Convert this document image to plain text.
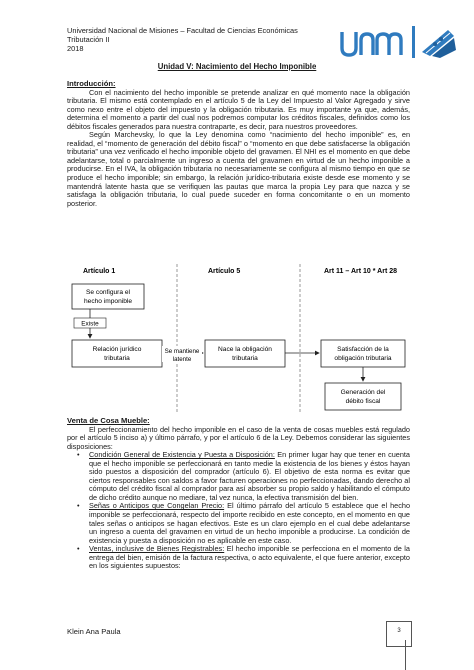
Universidad Nacional de Misiones – Facultad de Ciencias Económicas
Tributación II
2018
Unidad V: Nacimiento del Hecho Imponible

Introducción:

Con el nacimiento del hecho imponible se pretende analizar en qué momento nace la obligación tributaria. El mismo está contemplado en el artículo 5 de la Ley del Impuesto al Valor Agregado y sirve como nexo entre el objeto del impuesto y la obligación tributaria. Es muy importante ya que, además, determina el momento a partir del cual nos podremos computar los créditos fiscales, definidos como los débitos fiscales generados para nuestra contraparte, es decir, para nuestros proveedores.

Según Marchevsky, lo que la Ley denomina como “nacimiento del hecho imponible” es, en realidad, el “momento de generación del débito fiscal” o “momento en que debe satisfacerse la obligación tributaria” una vez verificado el hecho imponible objeto del gravamen. El NHI es el momento en que debe adelantarse, total o parcialmente un ingreso a cuenta del gravamen en virtud de un hecho imponible a producirse. En el IVA, la obligación tributaria no necesariamente se configura al mismo tiempo en que se produce el hecho imponible; sin embargo, la relación jurídico-tributaria existe desde ese momento y se mantendrá latente hasta que se verifiquen las pautas que marca la propia Ley para que nazca y se satisfaga la obligación tributaria, lo cual puede suceder en forma concomitante o en un momento posterior.

Artículo 1	Artículo 5	Art 11 – Art 10 * Art 28
Se configura el
hecho imponible
Existe
Relación jurídico
tributaria
Se mantiene
latente
Nace la obligación
tributaria
Satisfacción de la
obligación tributaria
Generación del
débito fiscal

Venta de Cosa Mueble:

El perfeccionamiento del hecho imponible en el caso de la venta de cosas muebles está regulado por el artículo 5 inciso a) y último párrafo, y por el artículo 6 de la Ley. Debemos considerar las siguientes disposiciones:

• Condición General de Existencia y Puesta a Disposición: En primer lugar hay que tener en cuenta que el hecho imponible se perfeccionará en tanto medie la existencia de los bienes y éstos hayan sido puestos a disposición del comprador (artículo 6). El objetivo de esta norma es evitar que ciertos responsables con saldos a favor facturen operaciones no perfeccionadas, dando derecho al cómputo del crédito fiscal al comprador para así absorber su propio saldo y habilitando el cómputo de dicho crédito aunque no mediare, tal vez nunca, la efectiva transmisión del bien.
• Señas o Anticipos que Congelan Precio: El último párrafo del artículo 5 establece que el hecho imponible se perfeccionará, respecto del importe recibido en este concepto, en el momento en que tales señas o anticipos se hagan efectivos. Este es un claro ejemplo en el cual debe adelantarse un ingreso a cuenta del gravamen en virtud de un hecho imponible a producirse. La condición de existencia y puesta a disposición no es aplicable en este caso.
• Ventas, inclusive de Bienes Registrables: El hecho imponible se perfecciona en el momento de la entrega del bien, emisión de la factura respectiva, o acto equivalente, el que fuere anterior, excepto en los siguientes supuestos:
Klein Ana Paula	3
